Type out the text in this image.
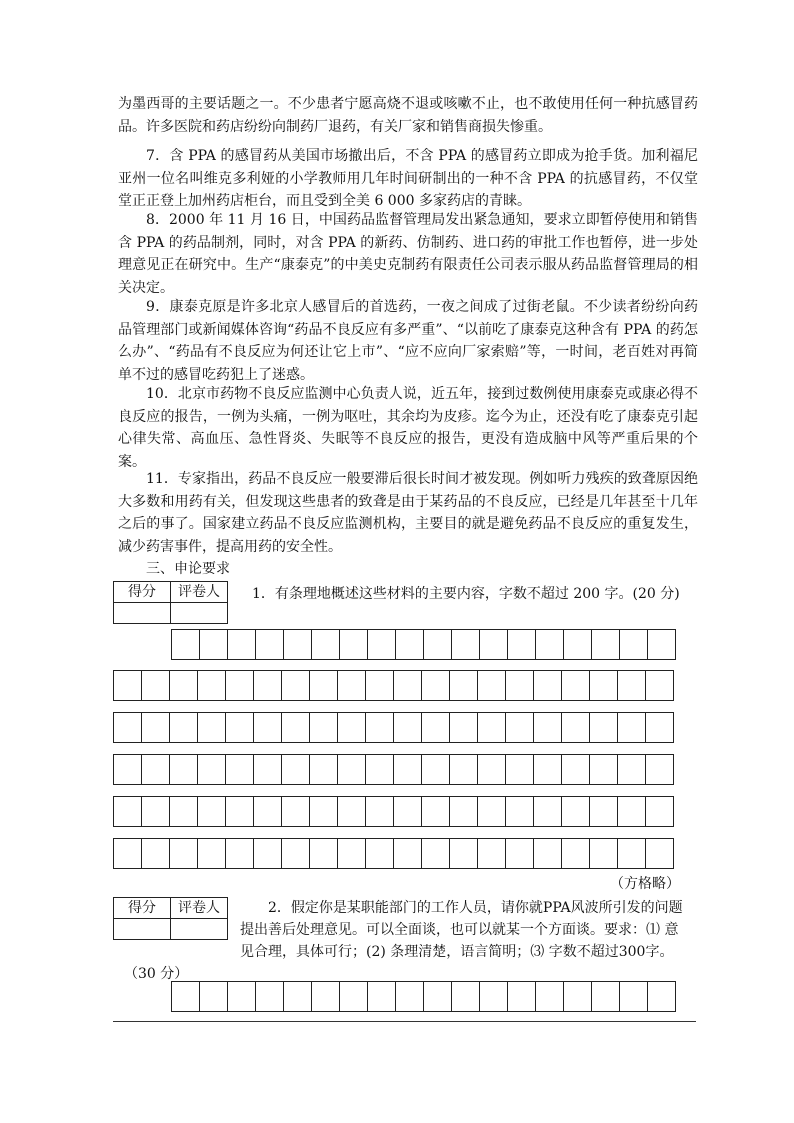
为墨西哥的主要话题之一。不少患者宁愿高烧不退或咳嗽不止，也不敢使用任何一种抗感冒药品。许多医院和药店纷纷向制药厂退药，有关厂家和销售商损失惨重。

7．含 PPA 的感冒药从美国市场撤出后，不含 PPA 的感冒药立即成为抢手货。加利福尼亚州一位名叫维克多利娅的小学教师用几年时间研制出的一种不含 PPA 的抗感冒药，不仅堂堂正正登上加州药店柜台，而且受到全美 6 000 多家药店的青睐。

8．2000 年 11 月 16 日，中国药品监督管理局发出紧急通知，要求立即暂停使用和销售含 PPA 的药品制剂，同时，对含 PPA 的新药、仿制药、进口药的审批工作也暂停，进一步处理意见正在研究中。生产“康泰克”的中美史克制药有限责任公司表示服从药品监督管理局的相关决定。

9．康泰克原是许多北京人感冒后的首选药，一夜之间成了过街老鼠。不少读者纷纷向药品管理部门或新闻媒体咨询“药品不良反应有多严重”、“以前吃了康泰克这种含有 PPA 的药怎么办”、“药品有不良反应为何还让它上市”、“应不应向厂家索赔”等，一时间，老百姓对再简单不过的感冒吃药犯上了迷惑。

10．北京市药物不良反应监测中心负责人说，近五年，接到过数例使用康泰克或康必得不良反应的报告，一例为头痛，一例为呕吐，其余均为皮疹。迄今为止，还没有吃了康泰克引起心律失常、高血压、急性肾炎、失眠等不良反应的报告，更没有造成脑中风等严重后果的个案。

11．专家指出，药品不良反应一般要滞后很长时间才被发现。例如听力残疾的致聋原因绝大多数和用药有关，但发现这些患者的致聋是由于某药品的不良反应，已经是几年甚至十几年之后的事了。国家建立药品不良反应监测机构，主要目的就是避免药品不良反应的重复发生，减少药害事件，提高用药的安全性。

三、申论要求
得分	评卷人
	1．有条理地概述这些材料的主要内容，字数不超过 200 字。(20 分)

（方格略）
得分	评卷人
		2．假定你是某职能部门的工作人员，请你就PPA风波所引发的问题

提出善后处理意见。可以全面谈，也可以就某一个方面谈。要求：⑴ 意

见合理，具体可行；(2) 条理清楚，语言简明；⑶ 字数不超过300字。

（30 分）
